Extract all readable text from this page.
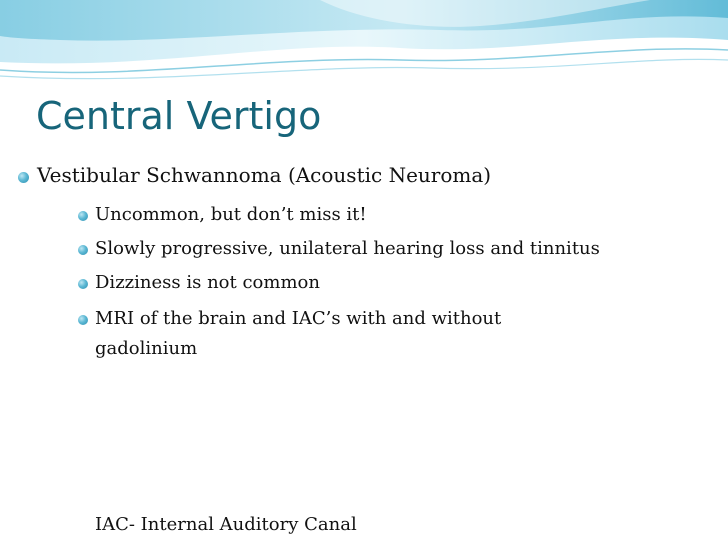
Central Vertigo
Vestibular Schwannoma (Acoustic Neuroma)
Uncommon, but don’t miss it!
Slowly progressive, unilateral hearing loss and tinnitus
Dizziness is not common
MRI of the brain and IAC’s with and without
gadolinium
IAC- Internal Auditory Canal
